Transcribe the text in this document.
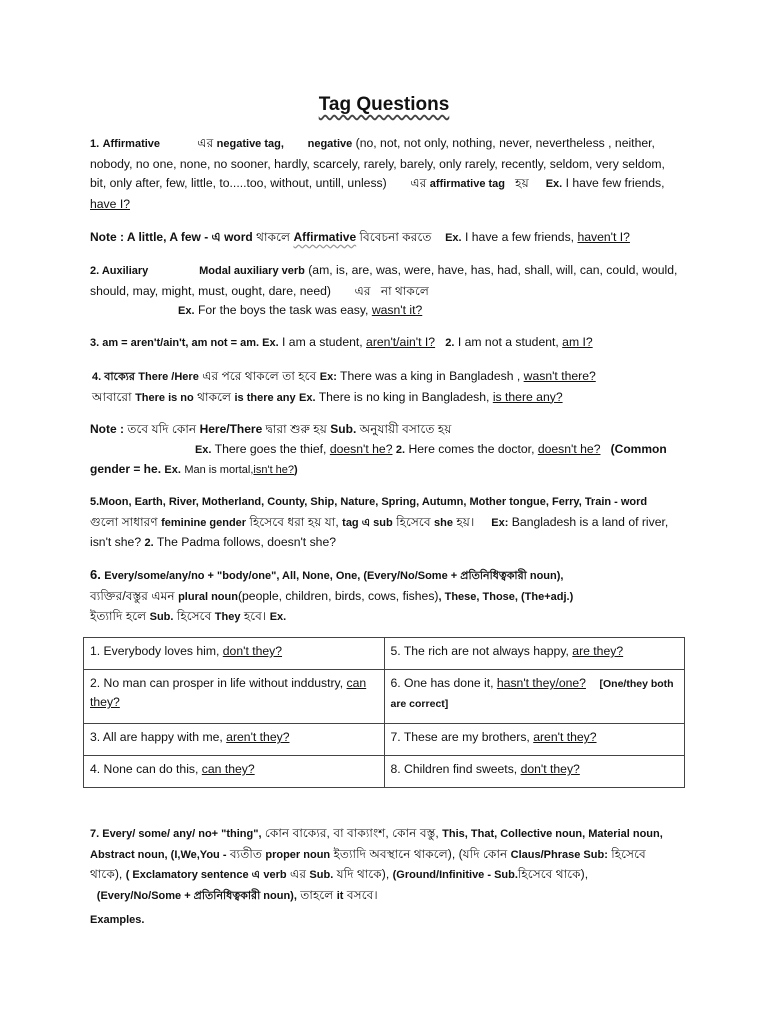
Tag Questions
1. Affirmative	এর negative tag, negative (no, not, not only, nothing, never, nevertheless , neither, nobody, no one, none, no sooner, hardly, scarcely, rarely, barely, only rarely, recently, seldom, very seldom, bit, only after, few, little, to.....too, without, untill, unless) এর affirmative tag হয় Ex. I have few friends, have I?
Note : A little, A few - এ word থাকলে Affirmative বিবেচনা করতে Ex. I have a few friends, haven't I?
2. Auxiliary	Modal auxiliary verb (am, is, are, was, were, have, has, had, shall, will, can, could, would, should, may, might, must, ought, dare, need) এর না থাকলে
Ex. For the boys the task was easy, wasn't it?
3. am = aren't/ain't, am not = am. Ex. I am a student, aren't/ain't I? 2. I am not a student, am I?
4. বাক্যের There /Here এর পরে থাকলে তা হবে Ex: There was a king in Bangladesh , wasn't there?
আবারো There is no থাকলে is there any Ex. There is no king in Bangladesh, is there any?
Note : তবে যদি কোন Here/There দ্বারা শুরু হয় Sub. অনুযায়ী বসাতে হয়
Ex. There goes the thief, doesn't he? 2. Here comes the doctor, doesn't he? (Common gender = he. Ex. Man is mortal,isn't he?)
5.Moon, Earth, River, Motherland, County, Ship, Nature, Spring, Autumn, Mother tongue, Ferry, Train - word
গুলো সাধারণ feminine gender হিসেবে ধরা হয় যা, tag এ sub হিসেবে she হয়। Ex: Bangladesh is a land of river, isn't she? 2. The Padma follows, doesn't she?
6. Every/some/any/no + "body/one", All, None, One, (Every/No/Some + প্রতিনিধিত্বকারী noun),
ব্যক্তির/বস্তুর এমন plural noun(people, children, birds, cows, fishes), These, Those, (The+adj.)
ইত্যাদি হলে Sub. হিসেবে They হবে। Ex.
1. Everybody loves him, don't they?	5. The rich are not always happy, are they?
2. No man can prosper in life without inddustry, can they?	6. One has done it, hasn't they/one? [One/they both are correct]
3. All are happy with me, aren't they?	7. These are my brothers, aren't they?
4. None can do this, can they?	8. Children find sweets, don't they?
7. Every/ some/ any/ no+ "thing", কোন বাক্যের, বা বাক্যাংশ, কোন বস্তু, This, That, Collective noun, Material noun, Abstract noun, (I,We,You - ব্যতীত proper noun ইত্যাদি অবস্থানে থাকলে), (যদি কোন Claus/Phrase Sub: হিসেবে থাকে), ( Exclamatory sentence এ verb এর Sub. যদি থাকে), (Ground/Infinitive - Sub.হিসেবে থাকে),   (Every/No/Some + প্রতিনিধিত্বকারী noun), তাহলে it বসবে।
Examples.
